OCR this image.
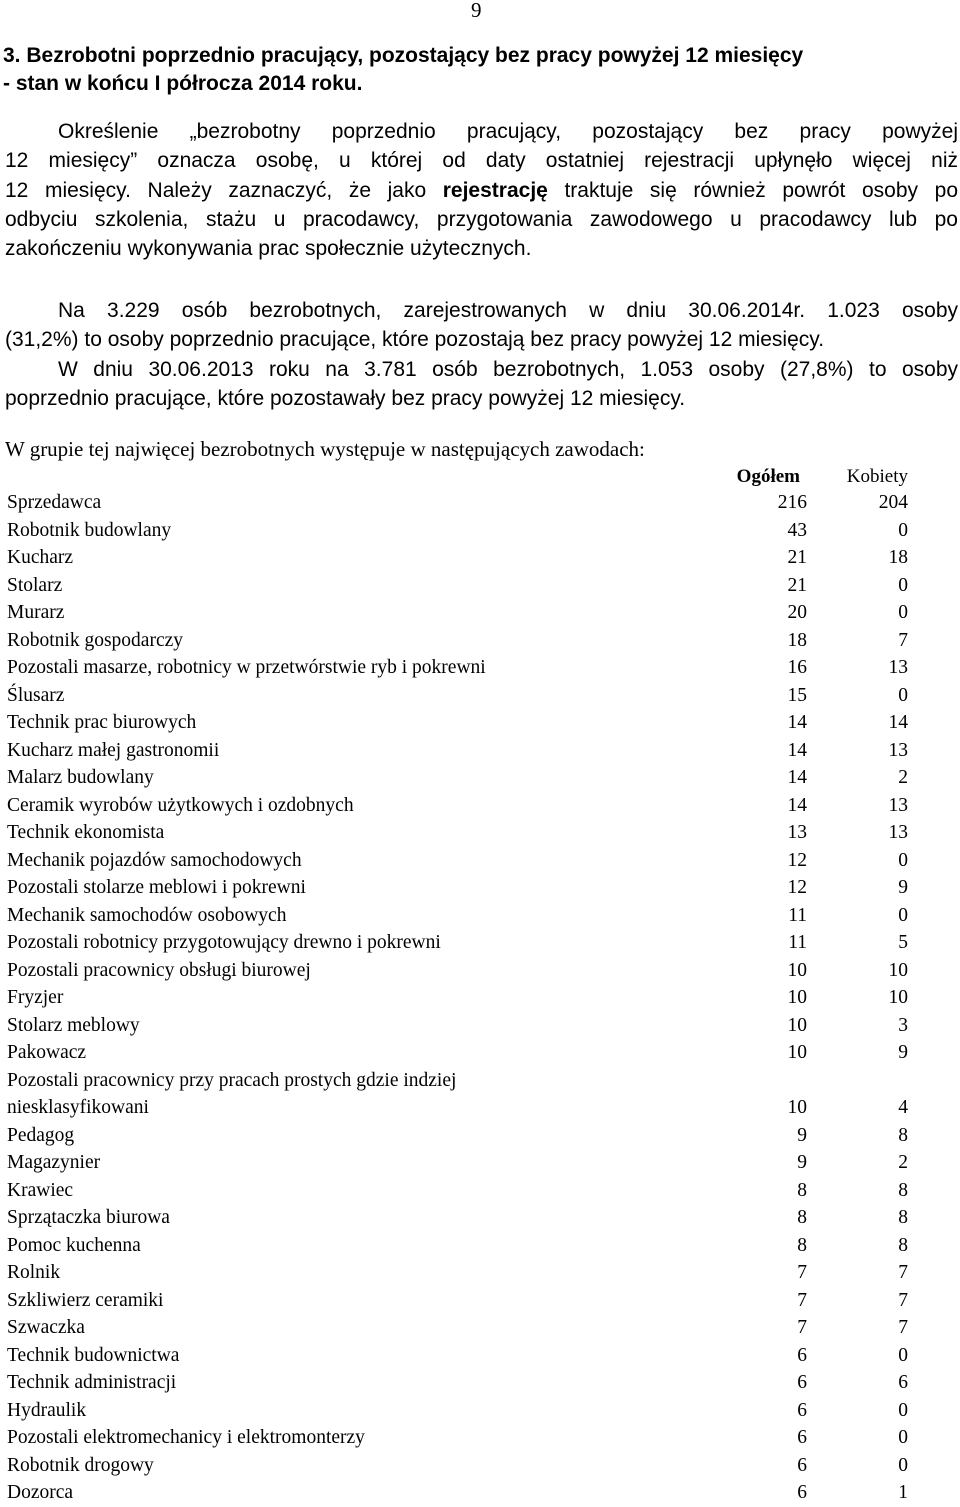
9
3. Bezrobotni poprzednio pracujący, pozostający bez pracy powyżej 12 miesięcy
- stan w końcu I półrocza 2014 roku.

Określenie „bezrobotny poprzednio pracujący, pozostający bez pracy powyżej
12 miesięcy” oznacza osobę, u której od daty ostatniej rejestracji upłynęło więcej niż
12 miesięcy. Należy zaznaczyć, że jako rejestrację traktuje się również powrót osoby po
odbyciu szkolenia, stażu u pracodawcy, przygotowania zawodowego u pracodawcy lub po
zakończeniu wykonywania prac społecznie użytecznych.

Na 3.229 osób bezrobotnych, zarejestrowanych w dniu 30.06.2014r. 1.023 osoby
(31,2%) to osoby poprzednio pracujące, które pozostają bez pracy powyżej 12 miesięcy.
W dniu 30.06.2013 roku na 3.781 osób bezrobotnych, 1.053 osoby (27,8%) to osoby
poprzednio pracujące, które pozostawały bez pracy powyżej 12 miesięcy.

W grupie tej najwięcej bezrobotnych występuje w następujących zawodach:

Ogółem	Kobiety
Sprzedawca	216	204
Robotnik budowlany	43	0
Kucharz	21	18
Stolarz	21	0
Murarz	20	0
Robotnik gospodarczy	18	7
Pozostali masarze, robotnicy w przetwórstwie ryb i pokrewni	16	13
Ślusarz	15	0
Technik prac biurowych	14	14
Kucharz małej gastronomii	14	13
Malarz budowlany	14	2
Ceramik wyrobów użytkowych i ozdobnych	14	13
Technik ekonomista	13	13
Mechanik pojazdów samochodowych	12	0
Pozostali stolarze meblowi i pokrewni	12	9
Mechanik samochodów osobowych	11	0
Pozostali robotnicy przygotowujący drewno i pokrewni	11	5
Pozostali pracownicy obsługi biurowej	10	10
Fryzjer	10	10
Stolarz meblowy	10	3
Pakowacz	10	9
Pozostali pracownicy przy pracach prostych gdzie indziej
niesklasyfikowani	10	4
Pedagog	9	8
Magazynier	9	2
Krawiec	8	8
Sprzątaczka biurowa	8	8
Pomoc kuchenna	8	8
Rolnik	7	7
Szkliwierz ceramiki	7	7
Szwaczka	7	7
Technik budownictwa	6	0
Technik administracji	6	6
Hydraulik	6	0
Pozostali elektromechanicy i elektromonterzy	6	0
Robotnik drogowy	6	0
Dozorca	6	1
